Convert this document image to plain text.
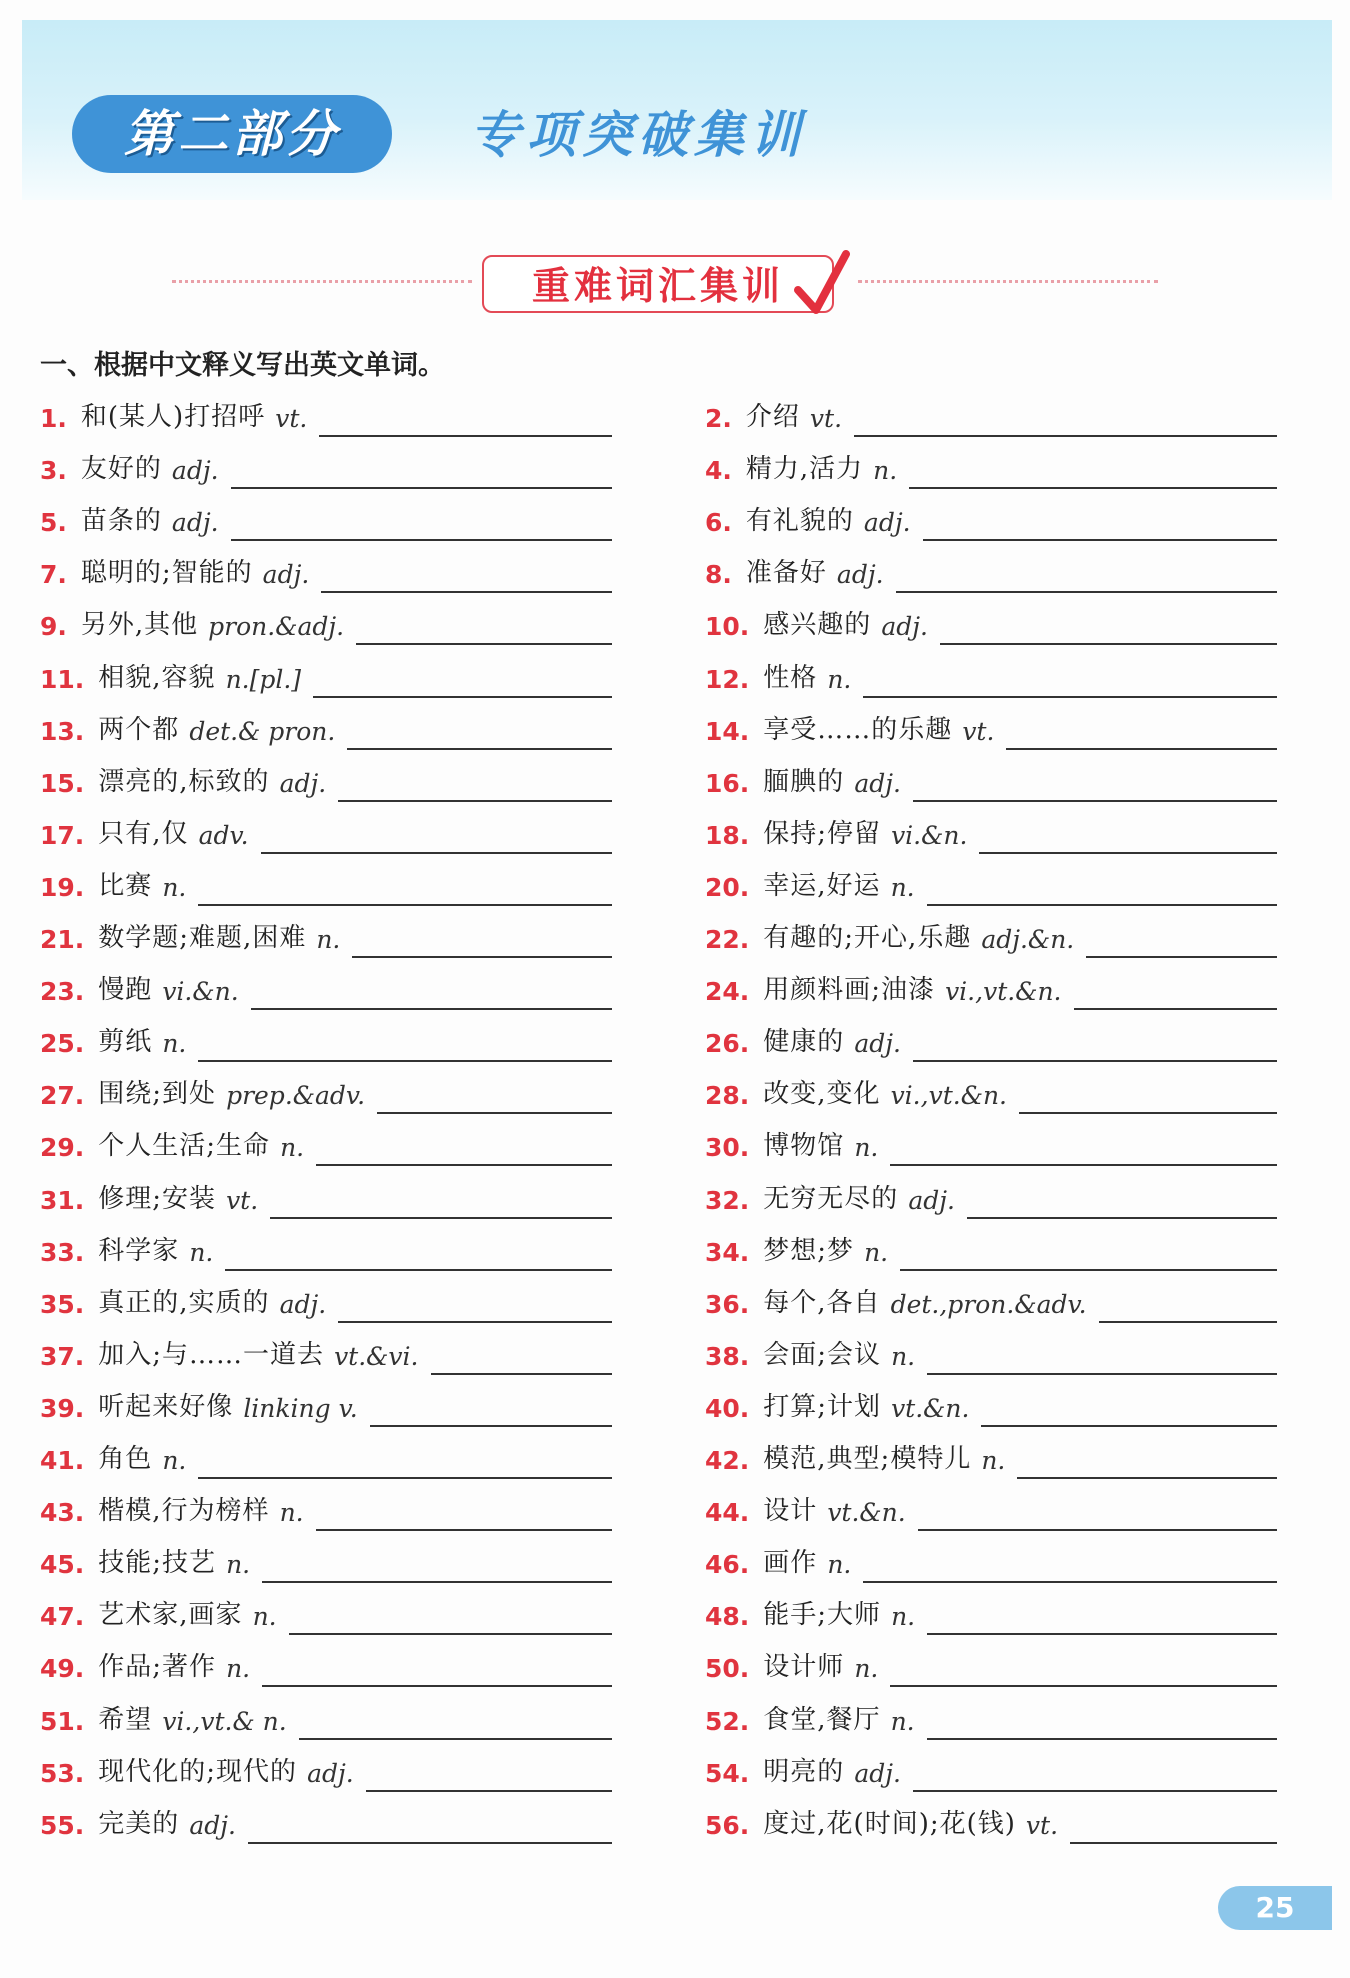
第二部分	专项突破集训
重难词汇集训
一、根据中文释义写出英文单词。
1. 和(某人)打招呼 vt.	2. 介绍 vt.
3. 友好的 adj.	4. 精力,活力 n.
5. 苗条的 adj.	6. 有礼貌的 adj.
7. 聪明的;智能的 adj.	8. 准备好 adj.
9. 另外,其他 pron.&adj.	10. 感兴趣的 adj.
11. 相貌,容貌 n.[pl.]	12. 性格 n.
13. 两个都 det.& pron.	14. 享受……的乐趣 vt.
15. 漂亮的,标致的 adj.	16. 腼腆的 adj.
17. 只有,仅 adv.	18. 保持;停留 vi.&n.
19. 比赛 n.	20. 幸运,好运 n.
21. 数学题;难题,困难 n.	22. 有趣的;开心,乐趣 adj.&n.
23. 慢跑 vi.&n.	24. 用颜料画;油漆 vi.,vt.&n.
25. 剪纸 n.	26. 健康的 adj.
27. 围绕;到处 prep.&adv.	28. 改变,变化 vi.,vt.&n.
29. 个人生活;生命 n.	30. 博物馆 n.
31. 修理;安装 vt.	32. 无穷无尽的 adj.
33. 科学家 n.	34. 梦想;梦 n.
35. 真正的,实质的 adj.	36. 每个,各自 det.,pron.&adv.
37. 加入;与……一道去 vt.&vi.	38. 会面;会议 n.
39. 听起来好像 linking v.	40. 打算;计划 vt.&n.
41. 角色 n.	42. 模范,典型;模特儿 n.
43. 楷模,行为榜样 n.	44. 设计 vt.&n.
45. 技能;技艺 n.	46. 画作 n.
47. 艺术家,画家 n.	48. 能手;大师 n.
49. 作品;著作 n.	50. 设计师 n.
51. 希望 vi.,vt.& n.	52. 食堂,餐厅 n.
53. 现代化的;现代的 adj.	54. 明亮的 adj.
55. 完美的 adj.	56. 度过,花(时间);花(钱) vt.
25
